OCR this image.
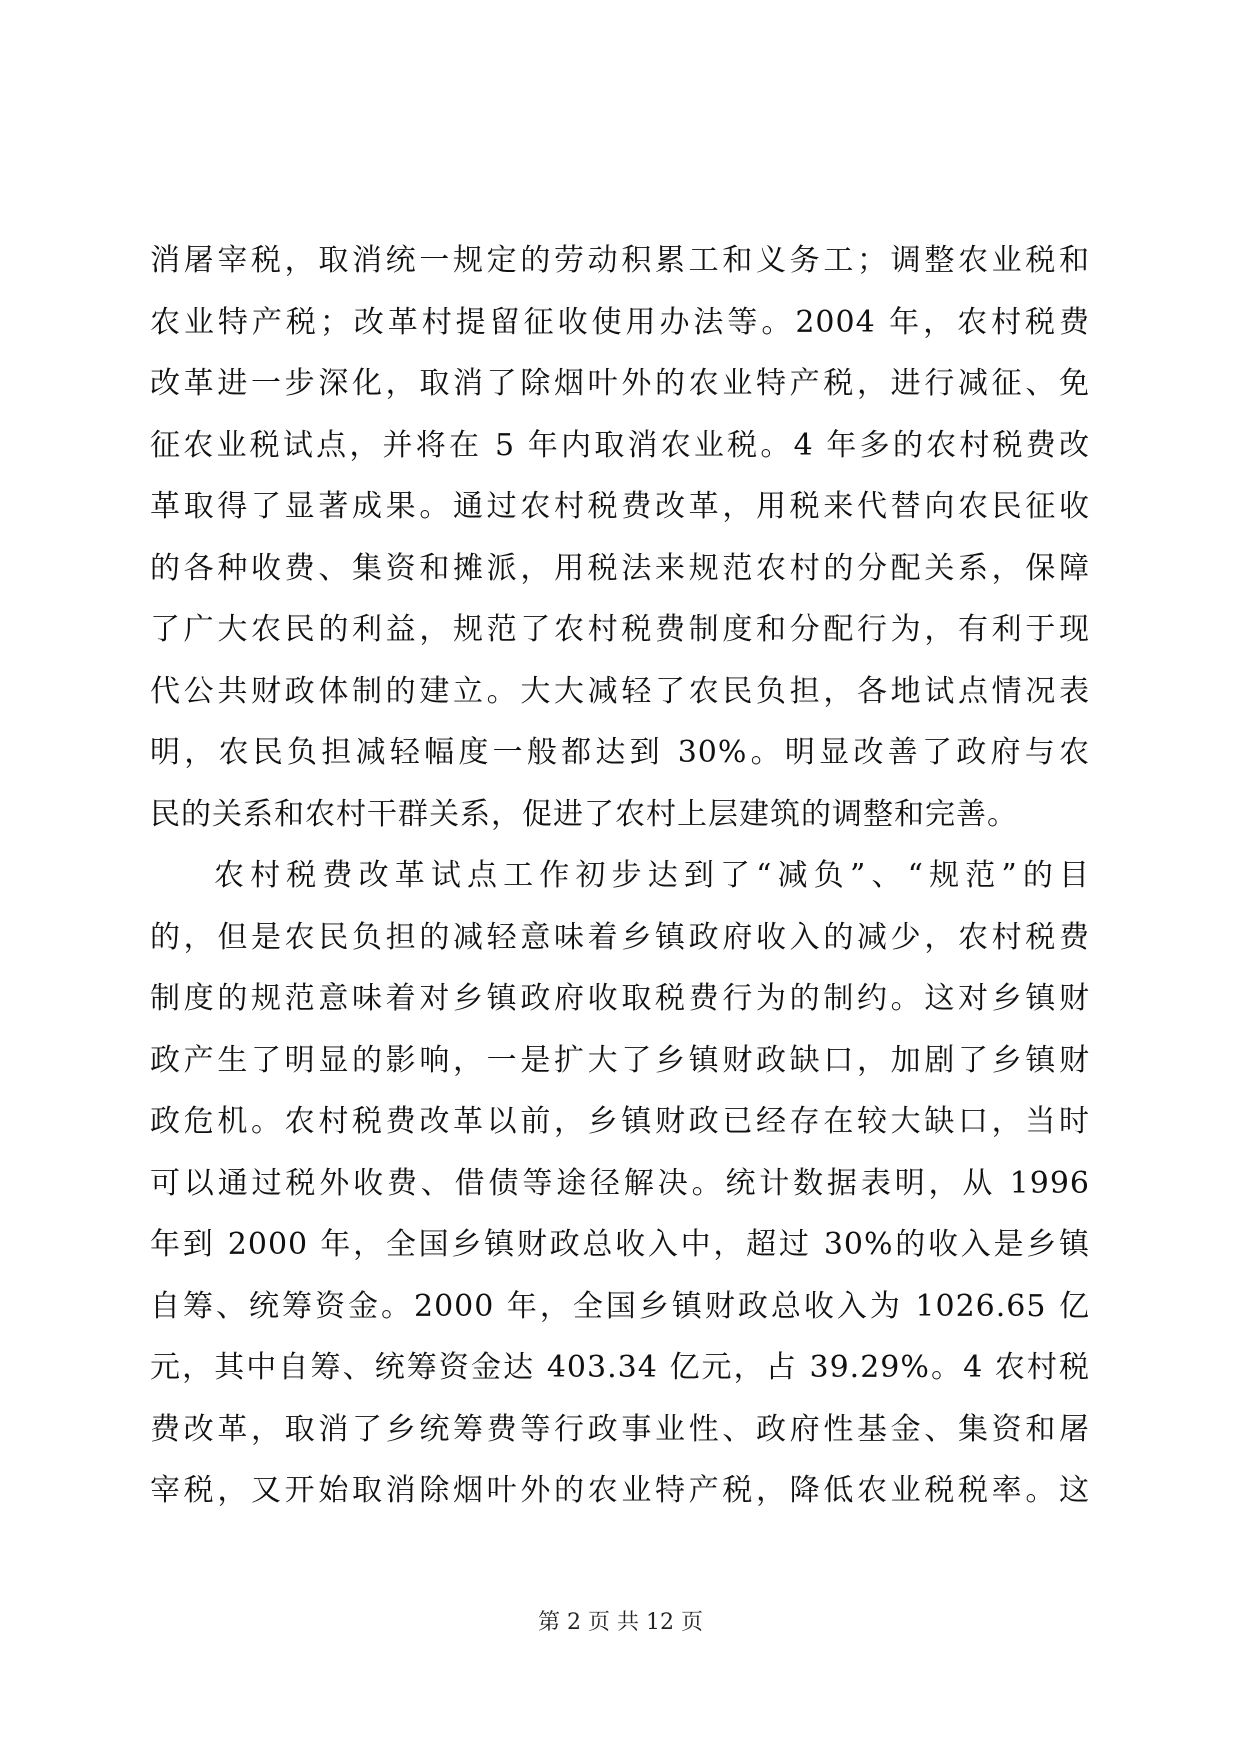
消屠宰税，取消统一规定的劳动积累工和义务工；调整农业税和
农业特产税；改革村提留征收使用办法等。2004 年，农村税费
改革进一步深化，取消了除烟叶外的农业特产税，进行减征、免
征农业税试点，并将在 5 年内取消农业税。4 年多的农村税费改
革取得了显著成果。通过农村税费改革，用税来代替向农民征收
的各种收费、集资和摊派，用税法来规范农村的分配关系，保障
了广大农民的利益，规范了农村税费制度和分配行为，有利于现
代公共财政体制的建立。大大减轻了农民负担，各地试点情况表
明，农民负担减轻幅度一般都达到 30%。明显改善了政府与农
民的关系和农村干群关系，促进了农村上层建筑的调整和完善。
农村税费改革试点工作初步达到了“减负”、“规范”的目
的，但是农民负担的减轻意味着乡镇政府收入的减少，农村税费
制度的规范意味着对乡镇政府收取税费行为的制约。这对乡镇财
政产生了明显的影响，一是扩大了乡镇财政缺口，加剧了乡镇财
政危机。农村税费改革以前，乡镇财政已经存在较大缺口，当时
可以通过税外收费、借债等途径解决。统计数据表明，从 1996
年到 2000 年，全国乡镇财政总收入中，超过 30%的收入是乡镇
自筹、统筹资金。2000 年，全国乡镇财政总收入为 1026.65 亿
元，其中自筹、统筹资金达 403.34 亿元，占 39.29%。4 农村税
费改革，取消了乡统筹费等行政事业性、政府性基金、集资和屠
宰税，又开始取消除烟叶外的农业特产税，降低农业税税率。这
第 2 页 共 12 页
